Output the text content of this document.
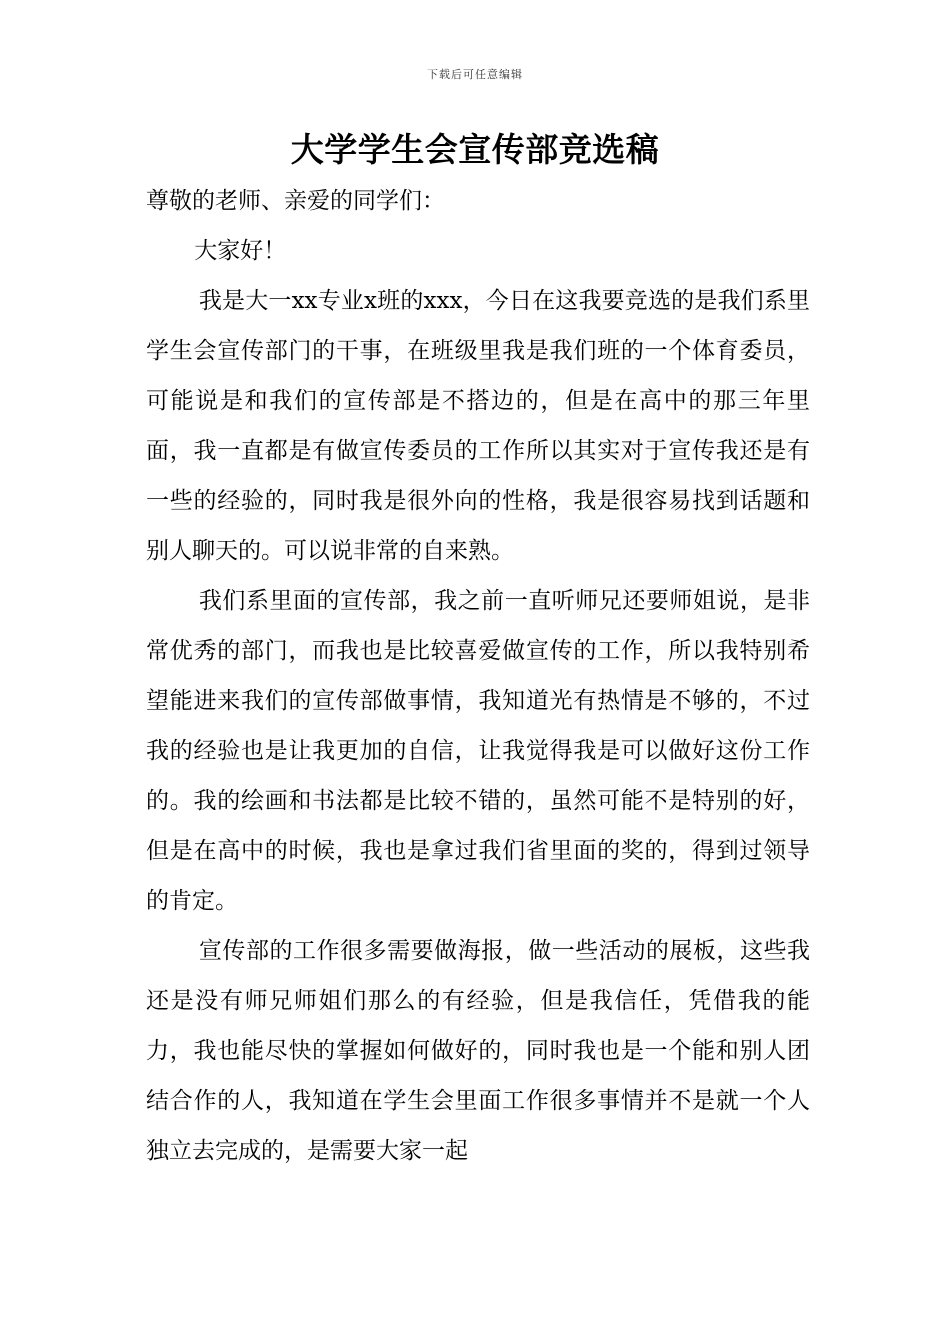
下载后可任意编辑
大学学生会宣传部竞选稿

尊敬的老师、亲爱的同学们：

大家好！

我是大一xx专业x班的xxx，今日在这我要竞选的是我们系里学生会宣传部门的干事，在班级里我是我们班的一个体育委员，可能说是和我们的宣传部是不搭边的，但是在高中的那三年里面，我一直都是有做宣传委员的工作所以其实对于宣传我还是有一些的经验的，同时我是很外向的性格，我是很容易找到话题和别人聊天的。可以说非常的自来熟。

我们系里面的宣传部，我之前一直听师兄还要师姐说，是非常优秀的部门，而我也是比较喜爱做宣传的工作，所以我特别希望能进来我们的宣传部做事情，我知道光有热情是不够的，不过我的经验也是让我更加的自信，让我觉得我是可以做好这份工作的。我的绘画和书法都是比较不错的，虽然可能不是特别的好，但是在高中的时候，我也是拿过我们省里面的奖的，得到过领导的肯定。

宣传部的工作很多需要做海报，做一些活动的展板，这些我还是没有师兄师姐们那么的有经验，但是我信任，凭借我的能力，我也能尽快的掌握如何做好的，同时我也是一个能和别人团结合作的人，我知道在学生会里面工作很多事情并不是就一个人独立去完成的，是需要大家一起
